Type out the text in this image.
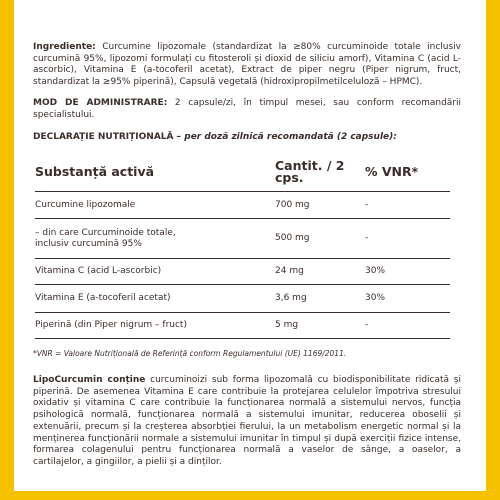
Ingrediente: Curcumine lipozomale (standardizat la ≥80% curcuminoide totale inclusiv curcumină 95%, lipozomi formulați cu fitosteroli și dioxid de siliciu amorf), Vitamina C (acid L-ascorbic), Vitamina E (a-tocoferil acetat), Extract de piper negru (Piper nigrum, fruct, standardizat la ≥95% piperină), Capsulă vegetală (hidroxipropilmetilceluloză – HPMC).

MOD DE ADMINISTRARE: 2 capsule/zi, în timpul mesei, sau conform recomandării specialistului.

DECLARAȚIE NUTRIȚIONALĂ – per doză zilnică recomandată (2 capsule):
Substanță activă	Cantit. / 2 cps.	% VNR*
Curcumine lipozomale	700 mg	-
– din care Curcuminoide totale, inclusiv curcumină 95%	500 mg	-
Vitamina C (acid L-ascorbic)	24 mg	30%
Vitamina E (a-tocoferil acetat)	3,6 mg	30%
Piperină (din Piper nigrum – fruct)	5 mg	-
*VNR = Valoare Nutrițională de Referință conform Regulamentului (UE) 1169/2011.

LipoCurcumin conține curcuminoizi sub forma lipozomală cu biodisponibilitate ridicată și piperină. De asemenea Vitamina E care contribuie la protejarea celulelor împotriva stresului oxidativ și vitamina C care contribuie la funcționarea normală a sistemului nervos, funcția psihologică normală, funcționarea normală a sistemului imunitar, reducerea oboselii și extenuării, precum și la creșterea absorbției fierului, la un metabolism energetic normal și la menținerea funcționării normale a sistemului imunitar în timpul și după exerciții fizice intense, formarea colagenului pentru funcționarea normală a vaselor de sânge, a oaselor, a cartilajelor, a gingiilor, a pielii și a dinților.
